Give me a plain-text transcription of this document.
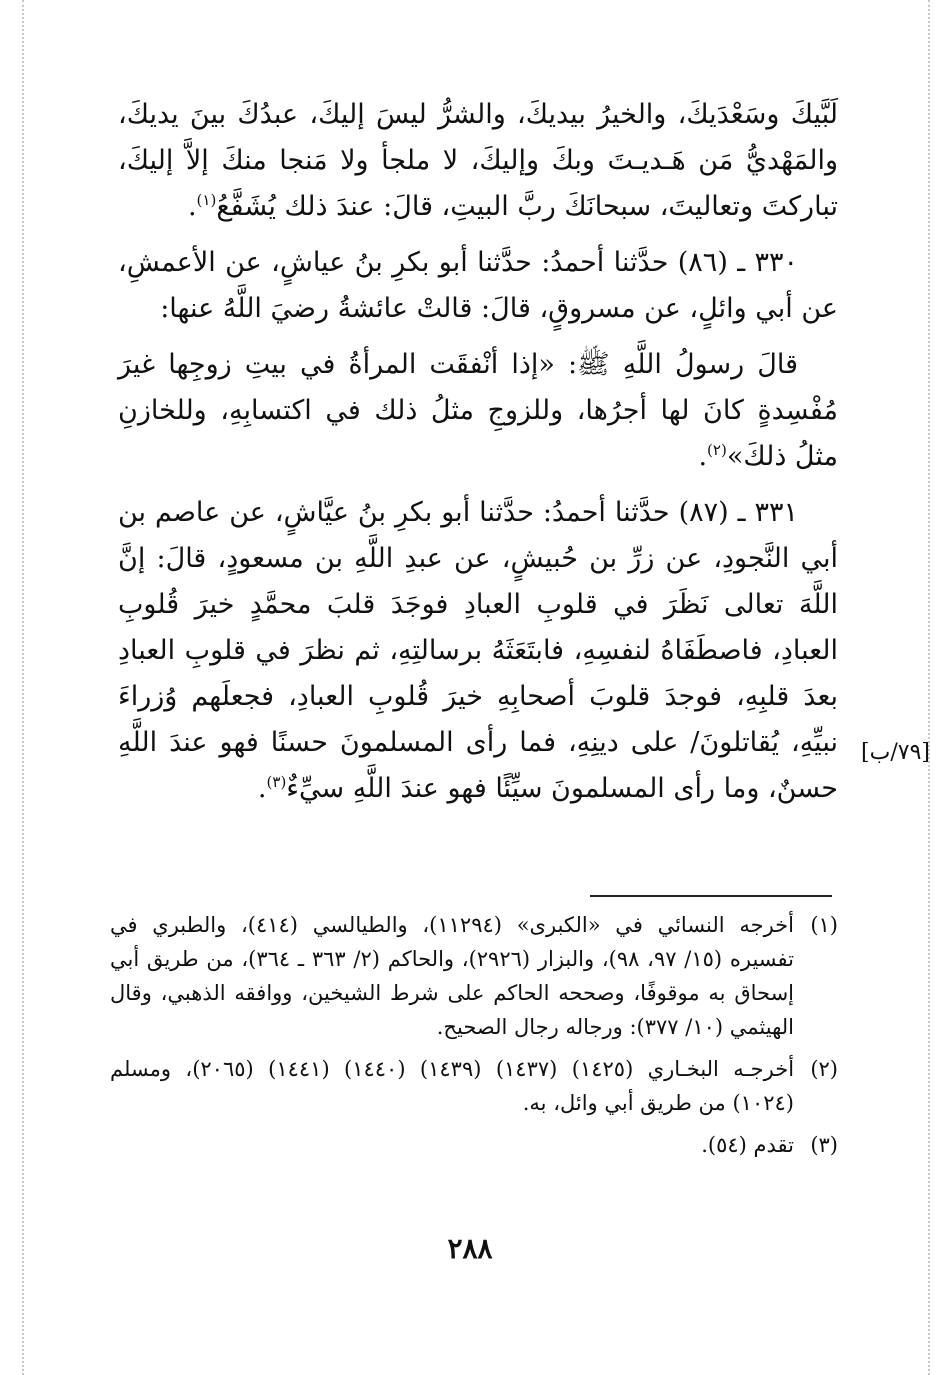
لَبَّيكَ وسَعْدَيكَ، والخيرُ بيديكَ، والشرُّ ليسَ إليكَ، عبدُكَ بينَ يديكَ، والمَهْديُّ مَن هَـديـتَ وبكَ وإليكَ، لا ملجأ ولا مَنجا منكَ إلاَّ إليكَ، تباركتَ وتعاليتَ، سبحانَكَ ربَّ البيتِ، قالَ: عندَ ذلك يُشَفَّعُ$^{(١)}$.

٣٣٠ ـ (٨٦) حدَّثنا أحمدُ: حدَّثنا أبو بكرِ بنُ عياشٍ، عن الأعمشِ، عن أبي وائلٍ، عن مسروقٍ، قالَ: قالتْ عائشةُ رضيَ اللَّهُ عنها:

قالَ رسولُ اللَّهِ ﷺ: «إذا أنْفقَت المرأةُ في بيتِ زوجِها غيرَ مُفْسِدةٍ كانَ لها أجرُها، وللزوجِ مثلُ ذلك في اكتسابِهِ، وللخازنِ مثلُ ذلكَ»$^{(٢)}$.

٣٣١ ـ (٨٧) حدَّثنا أحمدُ: حدَّثنا أبو بكرِ بنُ عيَّاشٍ، عن عاصم بن أبي النَّجودِ، عن زرِّ بن حُبيشٍ، عن عبدِ اللَّهِ بن مسعودٍ، قالَ: إنَّ اللَّهَ تعالى نَظَرَ في قلوبِ العبادِ فوجَدَ قلبَ محمَّدٍ خيرَ قُلوبِ العبادِ، فاصطَفَاهُ لنفسِهِ، فابتَعَثَهُ برسالتِهِ، ثم نظرَ في قلوبِ العبادِ بعدَ قلبِهِ، فوجدَ قلوبَ أصحابِهِ خيرَ قُلوبِ العبادِ، فجعلَهم وُزراءَ نبيِّهِ، يُقاتلونَ/ على دينِهِ، فما رأى المسلمونَ حسنًا فهو عندَ اللَّهِ حسنٌ، وما رأى المسلمونَ سيِّئًا فهو عندَ اللَّهِ سيِّءٌ$^{(٣)}$.

[٧٩/ب]
(١)
أخرجه النسائي في «الكبرى» (١١٢٩٤)، والطيالسي (٤١٤)، والطبري في تفسيره (١٥/ ٩٧، ٩٨)، والبزار (٢٩٢٦)، والحاكم (٢/ ٣٦٣ ـ ٣٦٤)، من طريق أبي إسحاق به موقوفًا، وصححه الحاكم على شرط الشيخين، ووافقه الذهبي، وقال الهيثمي (١٠/ ٣٧٧): ورجاله رجال الصحيح.
(٢)
أخرجـه البخـاري (١٤٢٥) (١٤٣٧) (١٤٣٩) (١٤٤٠) (١٤٤١) (٢٠٦٥)، ومسلم (١٠٢٤) من طريق أبي وائل، به.
(٣)
تقدم (٥٤).
٢٨٨
